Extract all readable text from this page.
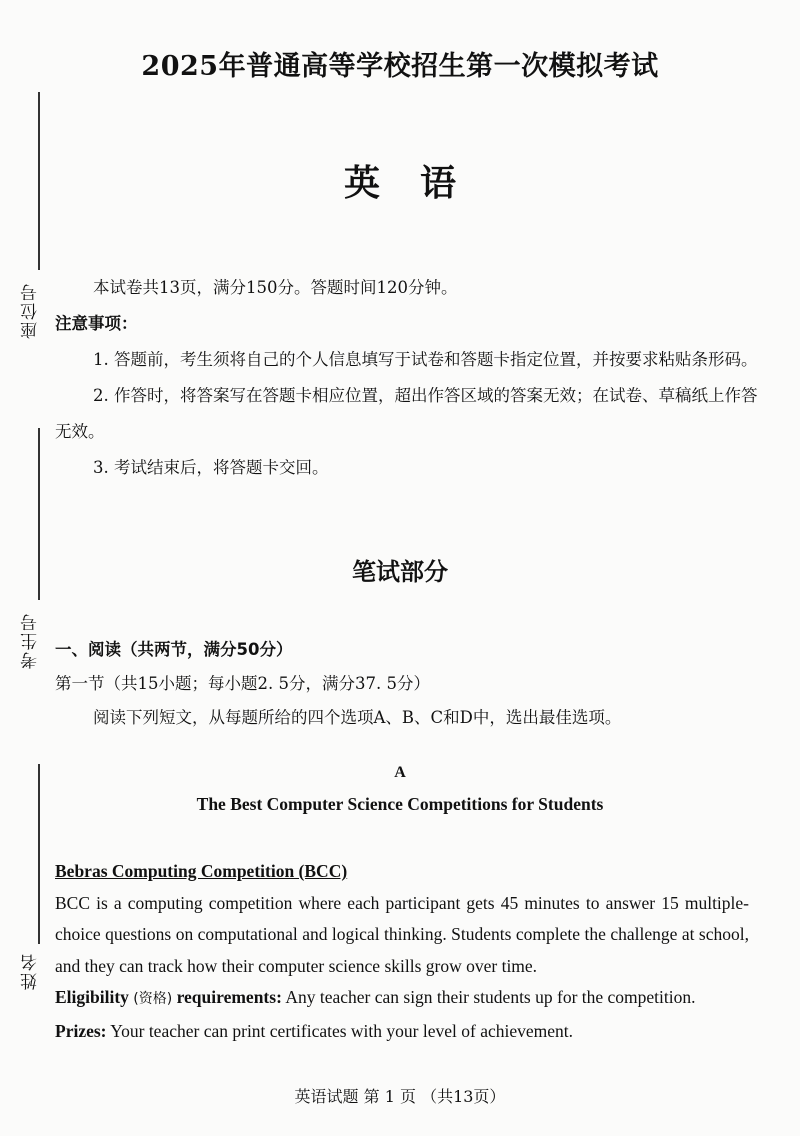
2025年普通高等学校招生第一次模拟考试
英语
座位号
考生号
姓名

本试卷共13页，满分150分。答题时间120分钟。

注意事项：

1. 答题前，考生须将自己的个人信息填写于试卷和答题卡指定位置，并按要求粘贴条形码。

2. 作答时，将答案写在答题卡相应位置，超出作答区域的答案无效；在试卷、草稿纸上作答无效。

3. 考试结束后，将答题卡交回。

笔试部分

一、阅读（共两节，满分50分）

第一节（共15小题；每小题2. 5分，满分37. 5分）

阅读下列短文，从每题所给的四个选项A、B、C和D中，选出最佳选项。

A
The Best Computer Science Competitions for Students

Bebras Computing Competition (BCC)

BCC is a computing competition where each participant gets 45 minutes to answer 15 multiple-choice questions on computational and logical thinking. Students complete the challenge at school, and they can track how their computer science skills grow over time.

Eligibility (资格) requirements: Any teacher can sign their students up for the competition.

Prizes: Your teacher can print certificates with your level of achievement.

英语试题 第 1 页 （共13页）
